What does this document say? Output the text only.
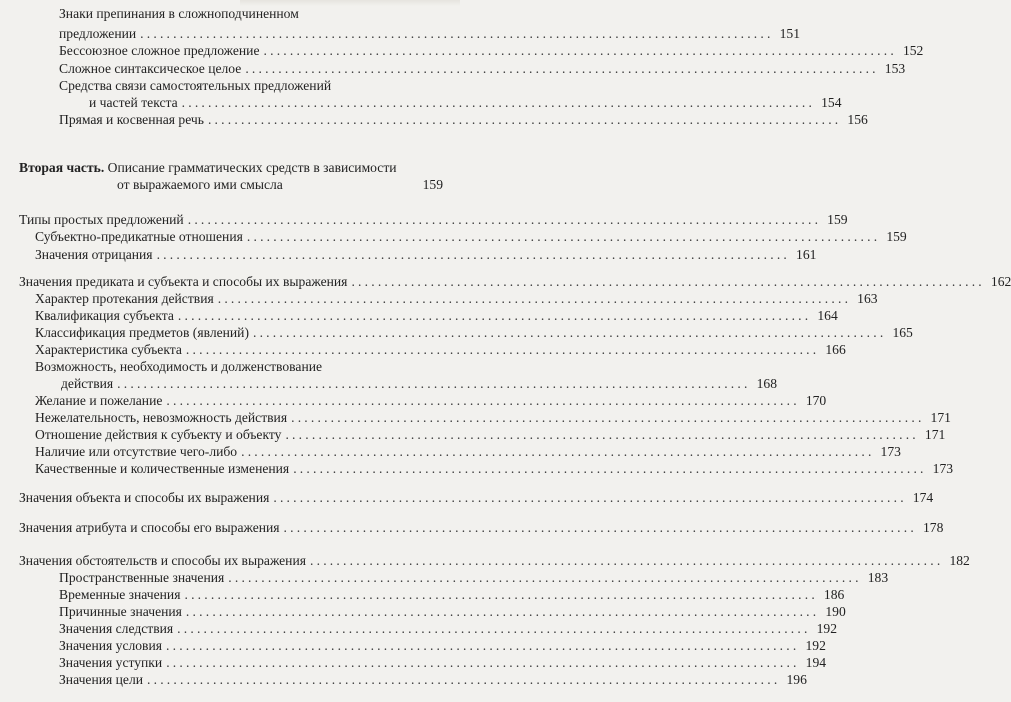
Знаки препинания в сложноподчиненном
предложении ................................................................................................ 151
Бессоюзное сложное предложение ................................................................................................ 152
Сложное синтаксическое целое ................................................................................................ 153
Средства связи самостоятельных предложений
и частей текста ................................................................................................ 154
Прямая и косвенная речь ................................................................................................ 156
Вторая часть. Описание грамматических средств в зависимости
от выражаемого ими смысла	159
Типы простых предложений ................................................................................................ 159
Субъектно-предикатные отношения ................................................................................................ 159
Значения отрицания ................................................................................................ 161
Значения предиката и субъекта и способы их выражения ................................................................................................ 162
Характер протекания действия ................................................................................................ 163
Квалификация субъекта ................................................................................................ 164
Классификация предметов (явлений) ................................................................................................ 165
Характеристика субъекта ................................................................................................ 166
Возможность, необходимость и долженствование
действия ................................................................................................ 168
Желание и пожелание ................................................................................................ 170
Нежелательность, невозможность действия ................................................................................................ 171
Отношение действия к субъекту и объекту ................................................................................................ 171
Наличие или отсутствие чего-либо ................................................................................................ 173
Качественные и количественные изменения ................................................................................................ 173
Значения объекта и способы их выражения ................................................................................................ 174
Значения атрибута и способы его выражения ................................................................................................ 178
Значения обстоятельств и способы их выражения ................................................................................................ 182
Пространственные значения ................................................................................................ 183
Временные значения ................................................................................................ 186
Причинные значения ................................................................................................ 190
Значения следствия ................................................................................................ 192
Значения условия ................................................................................................ 192
Значения уступки ................................................................................................ 194
Значения цели ................................................................................................ 196
